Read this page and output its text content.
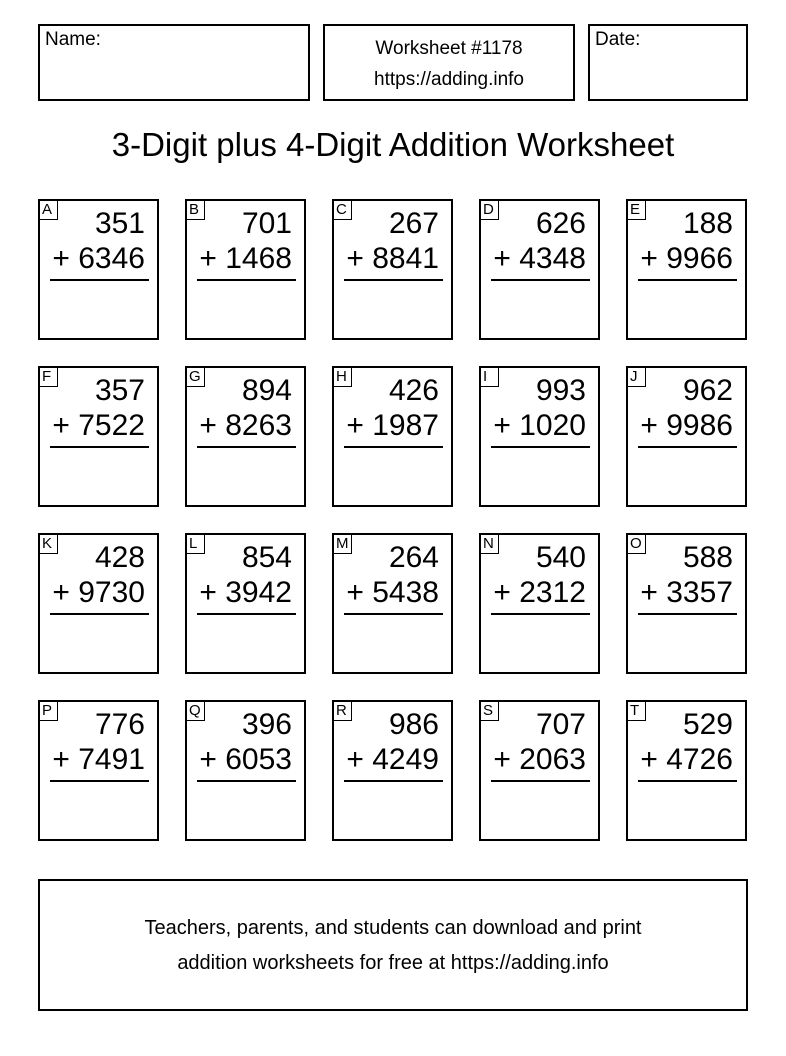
Name:	Worksheet #1178
https://adding.info
Date:
3-Digit plus 4-Digit Addition Worksheet
A 351
+ 6346
B 701
+ 1468
C 267
+ 8841
D 626
+ 4348
E 188
+ 9966
F 357
+ 7522
G 894
+ 8263
H 426
+ 1987
I	993
+ 1020
J 962
+ 9986
K 428
+ 9730
L 854
+ 3942
M 264
+ 5438
N 540
+ 2312
O 588
+ 3357
P 776
+ 7491
Q 396
+ 6053
R 986
+ 4249
S 707
+ 2063
T 529
+ 4726
Teachers, parents, and students can download and print
addition worksheets for free at https://adding.info
